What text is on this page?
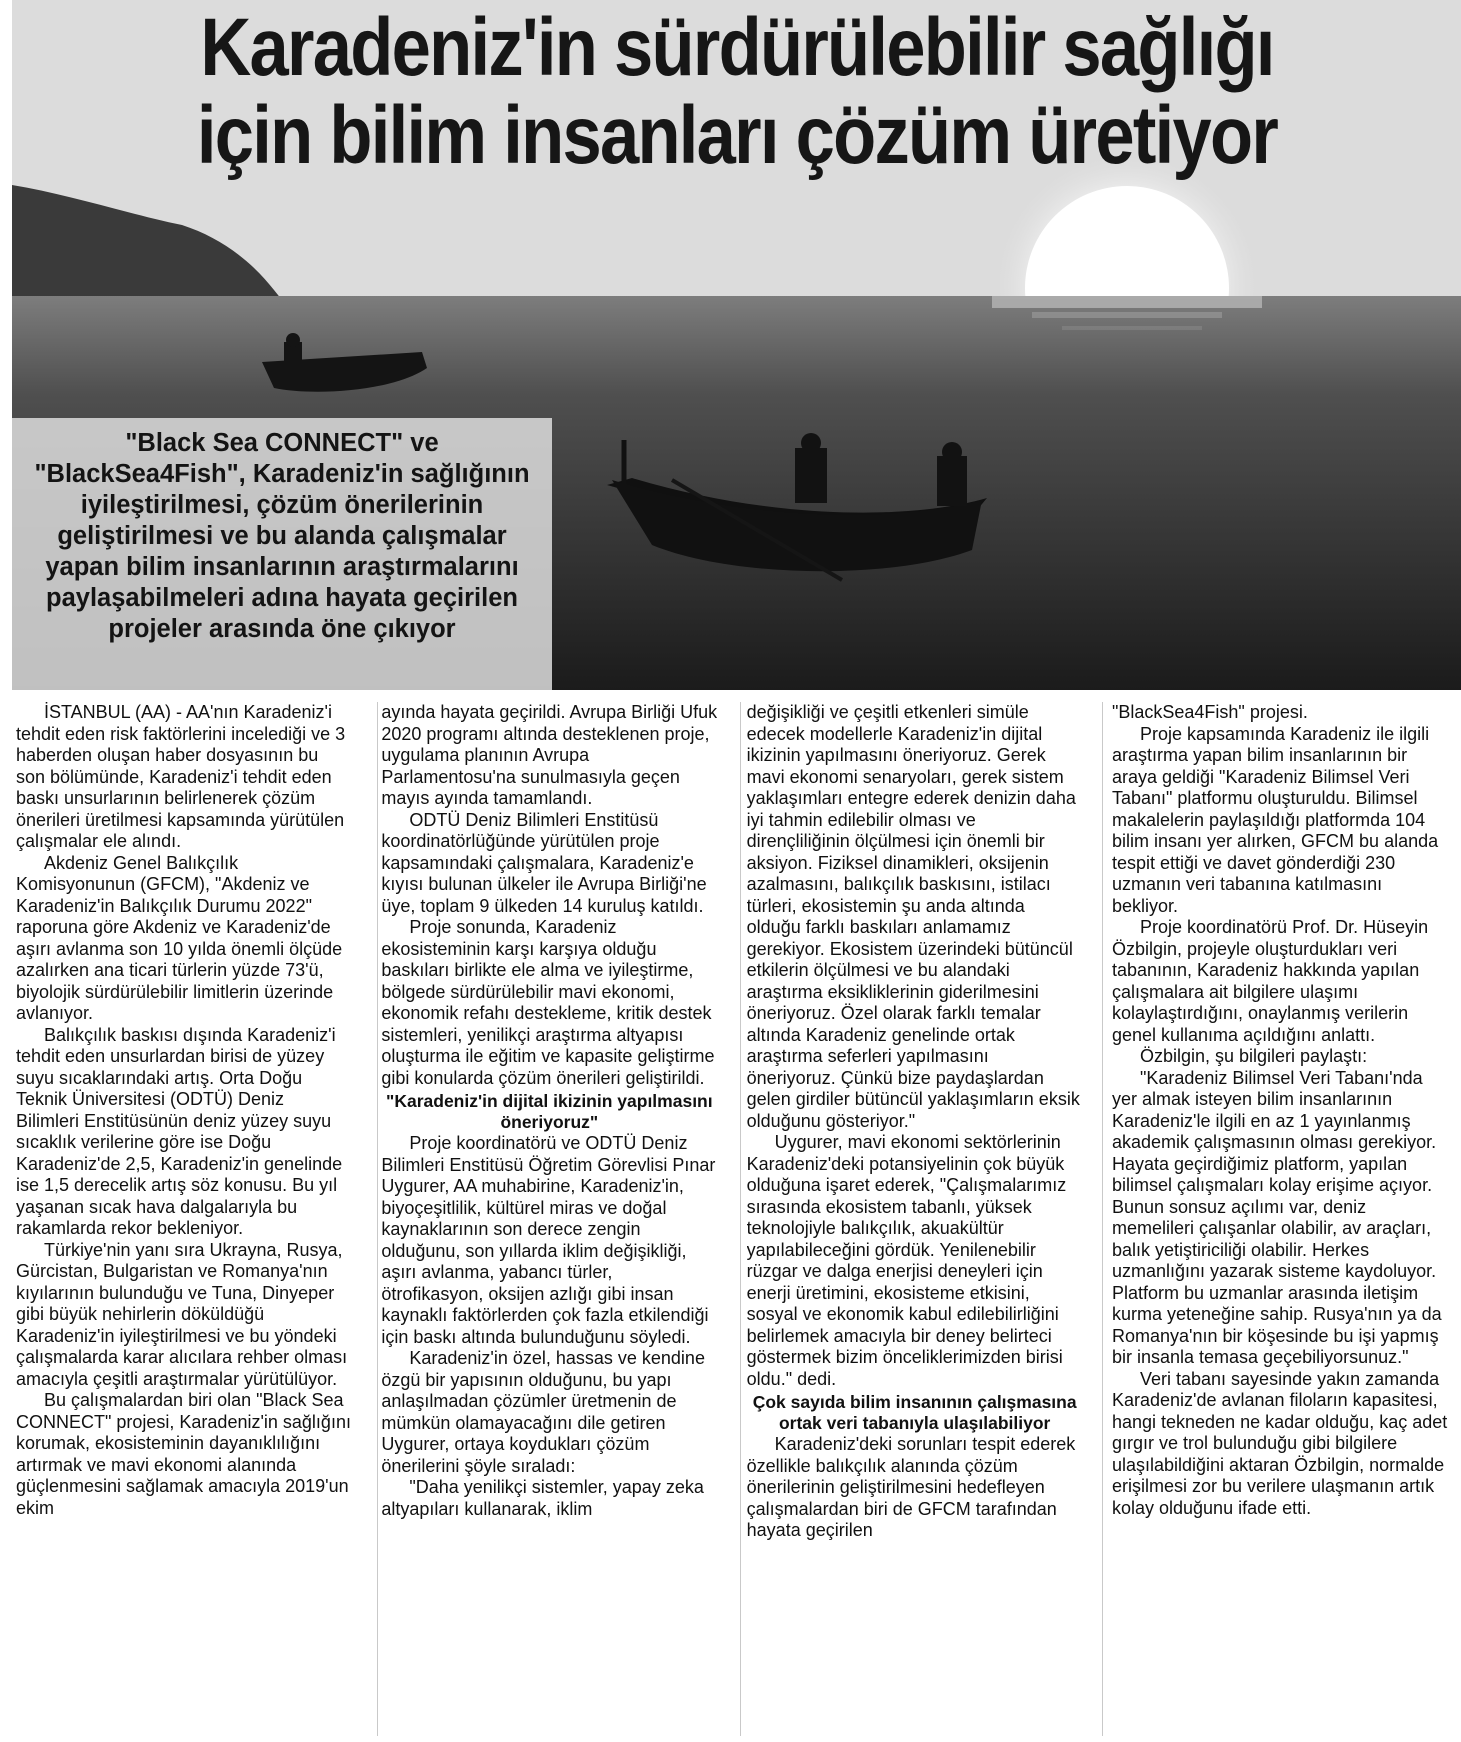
Karadeniz'in sürdürülebilir sağlığı
için bilim insanları çözüm üretiyor
"Black Sea CONNECT" ve "BlackSea4Fish", Karadeniz'in sağlığının iyileştirilmesi, çözüm önerilerinin geliştirilmesi ve bu alanda çalışmalar yapan bilim insanlarının araştırmalarını paylaşabilmeleri adına hayata geçirilen projeler arasında öne çıkıyor

İSTANBUL (AA) - AA'nın Karadeniz'i tehdit eden risk faktörlerini incelediği ve 3 haberden oluşan haber dosyasının bu son bölümünde, Karadeniz'i tehdit eden baskı unsurlarının belirlenerek çözüm önerileri üretilmesi kapsamında yürütülen çalışmalar ele alındı.

Akdeniz Genel Balıkçılık Komisyonunun (GFCM), "Akdeniz ve Karadeniz'in Balıkçılık Durumu 2022" raporuna göre Akdeniz ve Karadeniz'de aşırı avlanma son 10 yılda önemli ölçüde azalırken ana ticari türlerin yüzde 73'ü, biyolojik sürdürülebilir limitlerin üzerinde avlanıyor.

Balıkçılık baskısı dışında Karadeniz'i tehdit eden unsurlardan birisi de yüzey suyu sıcaklarındaki artış. Orta Doğu Teknik Üniversitesi (ODTÜ) Deniz Bilimleri Enstitüsünün deniz yüzey suyu sıcaklık verilerine göre ise Doğu Karadeniz'de 2,5, Karadeniz'in genelinde ise 1,5 derecelik artış söz konusu. Bu yıl yaşanan sıcak hava dalgalarıyla bu rakamlarda rekor bekleniyor.

Türkiye'nin yanı sıra Ukrayna, Rusya, Gürcistan, Bulgaristan ve Romanya'nın kıyılarının bulunduğu ve Tuna, Dinyeper gibi büyük nehirlerin döküldüğü Karadeniz'in iyileştirilmesi ve bu yöndeki çalışmalarda karar alıcılara rehber olması amacıyla çeşitli araştırmalar yürütülüyor.

Bu çalışmalardan biri olan "Black Sea CONNECT" projesi, Karadeniz'in sağlığını korumak, ekosisteminin dayanıklılığını artırmak ve mavi ekonomi alanında güçlenmesini sağlamak amacıyla 2019'un ekim

ayında hayata geçirildi. Avrupa Birliği Ufuk 2020 programı altında desteklenen proje, uygulama planının Avrupa Parlamentosu'na sunulmasıyla geçen mayıs ayında tamamlandı.

ODTÜ Deniz Bilimleri Enstitüsü koordinatörlüğünde yürütülen proje kapsamındaki çalışmalara, Karadeniz'e kıyısı bulunan ülkeler ile Avrupa Birliği'ne üye, toplam 9 ülkeden 14 kuruluş katıldı.

Proje sonunda, Karadeniz ekosisteminin karşı karşıya olduğu baskıları birlikte ele alma ve iyileştirme, bölgede sürdürülebilir mavi ekonomi, ekonomik refahı destekleme, kritik destek sistemleri, yenilikçi araştırma altyapısı oluşturma ile eğitim ve kapasite geliştirme gibi konularda çözüm önerileri geliştirildi.

"Karadeniz'in dijital ikizinin yapılmasını öneriyoruz"

Proje koordinatörü ve ODTÜ Deniz Bilimleri Enstitüsü Öğretim Görevlisi Pınar Uygurer, AA muhabirine, Karadeniz'in, biyoçeşitlilik, kültürel miras ve doğal kaynaklarının son derece zengin olduğunu, son yıllarda iklim değişikliği, aşırı avlanma, yabancı türler, ötrofikasyon, oksijen azlığı gibi insan kaynaklı faktörlerden çok fazla etkilendiği için baskı altında bulunduğunu söyledi.

Karadeniz'in özel, hassas ve kendine özgü bir yapısının olduğunu, bu yapı anlaşılmadan çözümler üretmenin de mümkün olamayacağını dile getiren Uygurer, ortaya koydukları çözüm önerilerini şöyle sıraladı:

"Daha yenilikçi sistemler, yapay zeka altyapıları kullanarak, iklim

değişikliği ve çeşitli etkenleri simüle edecek modellerle Karadeniz'in dijital ikizinin yapılmasını öneriyoruz. Gerek mavi ekonomi senaryoları, gerek sistem yaklaşımları entegre ederek denizin daha iyi tahmin edilebilir olması ve dirençliliğinin ölçülmesi için önemli bir aksiyon. Fiziksel dinamikleri, oksijenin azalmasını, balıkçılık baskısını, istilacı türleri, ekosistemin şu anda altında olduğu farklı baskıları anlamamız gerekiyor. Ekosistem üzerindeki bütüncül etkilerin ölçülmesi ve bu alandaki araştırma eksikliklerinin giderilmesini öneriyoruz. Özel olarak farklı temalar altında Karadeniz genelinde ortak araştırma seferleri yapılmasını öneriyoruz. Çünkü bize paydaşlardan gelen girdiler bütüncül yaklaşımların eksik olduğunu gösteriyor."

Uygurer, mavi ekonomi sektörlerinin Karadeniz'deki potansiyelinin çok büyük olduğuna işaret ederek, "Çalışmalarımız sırasında ekosistem tabanlı, yüksek teknolojiyle balıkçılık, akuakültür yapılabileceğini gördük. Yenilenebilir rüzgar ve dalga enerjisi deneyleri için enerji üretimini, ekosisteme etkisini, sosyal ve ekonomik kabul edilebilirliğini belirlemek amacıyla bir deney belirteci göstermek bizim önceliklerimizden birisi oldu." dedi.

Çok sayıda bilim insanının çalışmasına ortak veri tabanıyla ulaşılabiliyor

Karadeniz'deki sorunları tespit ederek özellikle balıkçılık alanında çözüm önerilerinin geliştirilmesini hedefleyen çalışmalardan biri de GFCM tarafından hayata geçirilen

"BlackSea4Fish" projesi.

Proje kapsamında Karadeniz ile ilgili araştırma yapan bilim insanlarının bir araya geldiği "Karadeniz Bilimsel Veri Tabanı" platformu oluşturuldu. Bilimsel makalelerin paylaşıldığı platformda 104 bilim insanı yer alırken, GFCM bu alanda tespit ettiği ve davet gönderdiği 230 uzmanın veri tabanına katılmasını bekliyor.

Proje koordinatörü Prof. Dr. Hüseyin Özbilgin, projeyle oluşturdukları veri tabanının, Karadeniz hakkında yapılan çalışmalara ait bilgilere ulaşımı kolaylaştırdığını, onaylanmış verilerin genel kullanıma açıldığını anlattı.

Özbilgin, şu bilgileri paylaştı:

"Karadeniz Bilimsel Veri Tabanı'nda yer almak isteyen bilim insanlarının Karadeniz'le ilgili en az 1 yayınlanmış akademik çalışmasının olması gerekiyor. Hayata geçirdiğimiz platform, yapılan bilimsel çalışmaları kolay erişime açıyor. Bunun sonsuz açılımı var, deniz memelileri çalışanlar olabilir, av araçları, balık yetiştiriciliği olabilir. Herkes uzmanlığını yazarak sisteme kaydoluyor. Platform bu uzmanlar arasında iletişim kurma yeteneğine sahip. Rusya'nın ya da Romanya'nın bir köşesinde bu işi yapmış bir insanla temasa geçebiliyorsunuz."

Veri tabanı sayesinde yakın zamanda Karadeniz'de avlanan filoların kapasitesi, hangi tekneden ne kadar olduğu, kaç adet gırgır ve trol bulunduğu gibi bilgilere ulaşılabildiğini aktaran Özbilgin, normalde erişilmesi zor bu verilere ulaşmanın artık kolay olduğunu ifade etti.
